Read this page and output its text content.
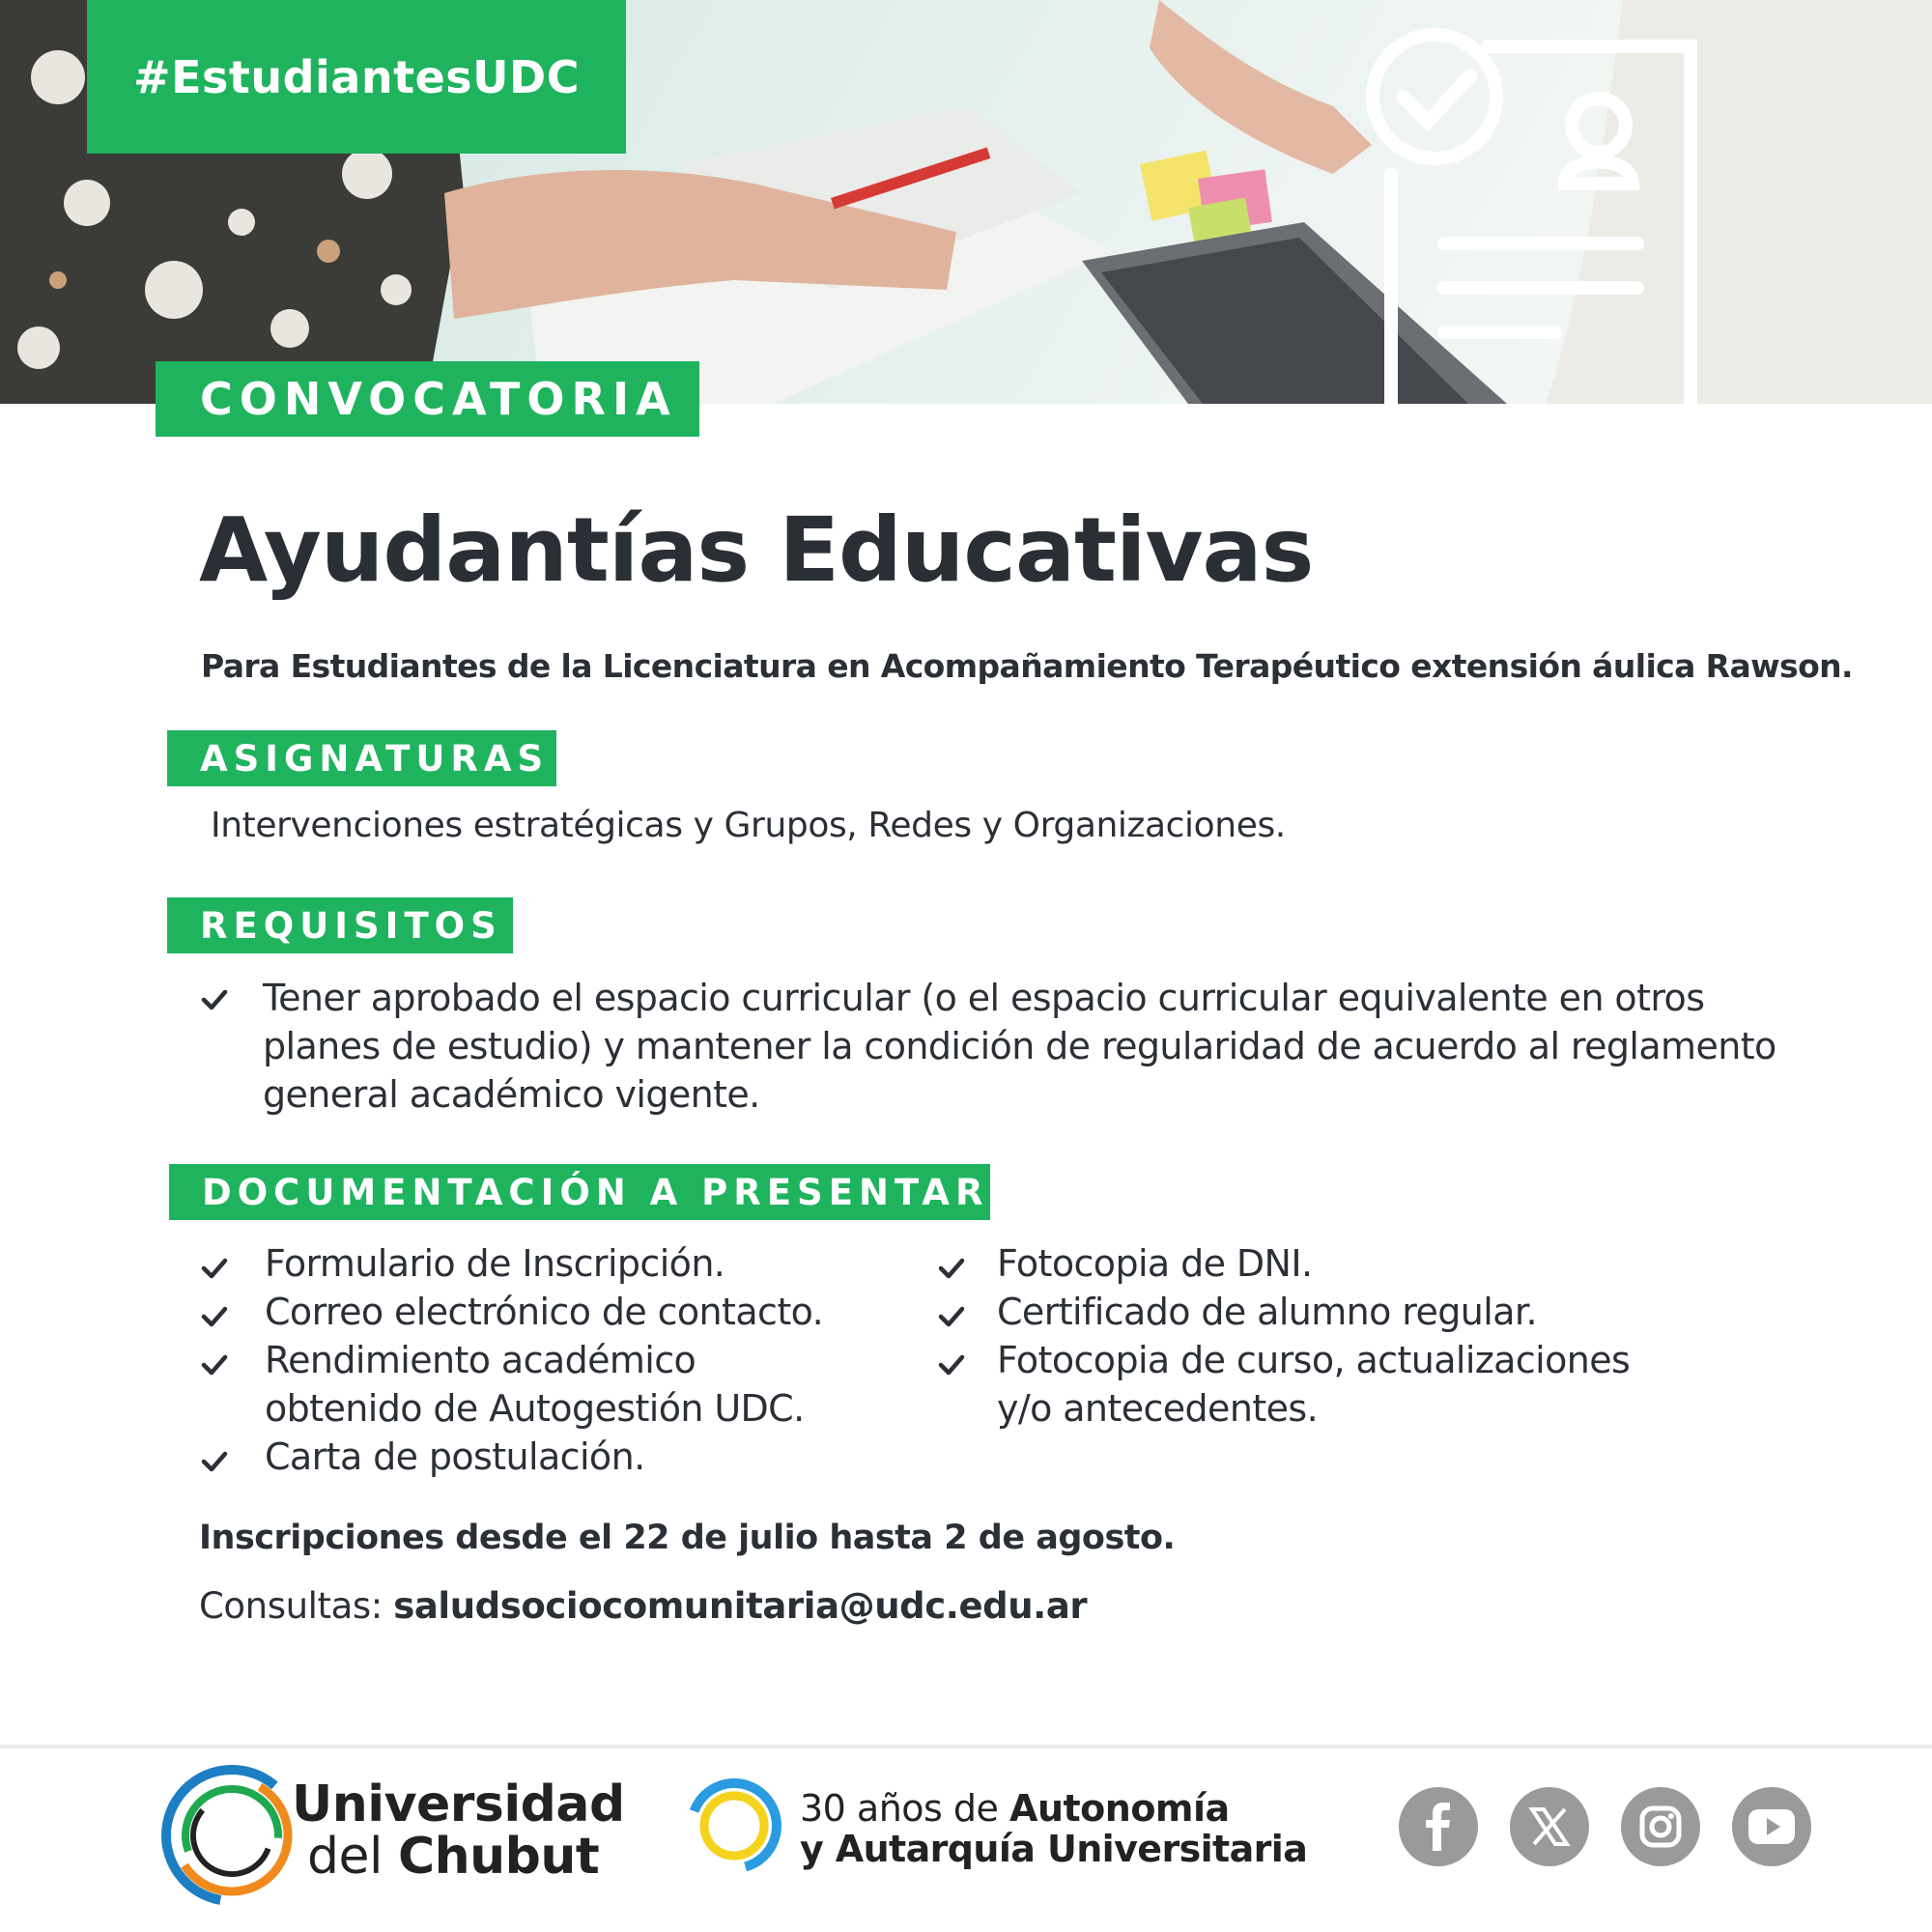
#EstudiantesUDC
CONVOCATORIA
Ayudantías Educativas
Para Estudiantes de la Licenciatura en Acompañamiento Terapéutico extensión áulica Rawson.
ASIGNATURAS
Intervenciones estratégicas y Grupos, Redes y Organizaciones.
REQUISITOS
Tener aprobado el espacio curricular (o el espacio curricular equivalente en otros
planes de estudio) y mantener la condición de regularidad de acuerdo al reglamento
general académico vigente.
DOCUMENTACIÓN A PRESENTAR
Formulario de Inscripción.
Correo electrónico de contacto.
Rendimiento académico
obtenido de Autogestión UDC.
Carta de postulación.
Fotocopia de DNI.
Certificado de alumno regular.
Fotocopia de curso, actualizaciones
y/o antecedentes.
Inscripciones desde el 22 de julio hasta 2 de agosto.
Consultas: saludsociocomunitaria@udc.edu.ar
Universidad
del Chubut
30 años de Autonomía
y Autarquía Universitaria
